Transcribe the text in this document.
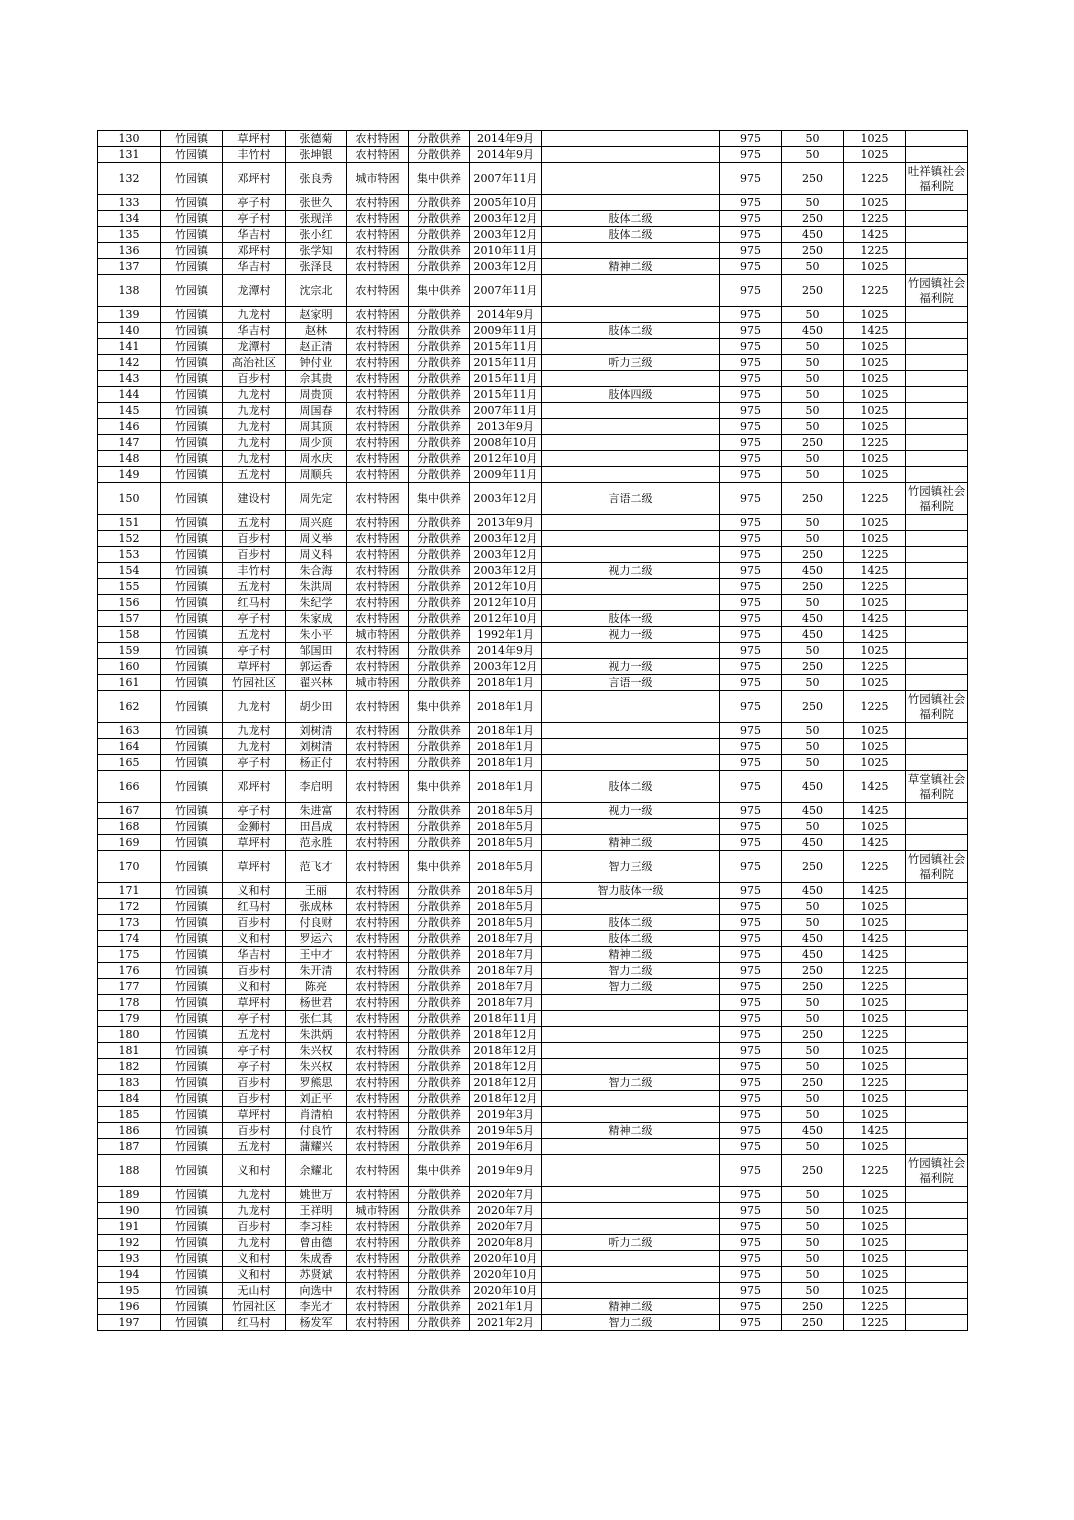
130	竹园镇	草坪村	张德菊	农村特困	分散供养	2014年9月		975	50	1025	
131	竹园镇	丰竹村	张坤银	农村特困	分散供养	2014年9月		975	50	1025	
132	竹园镇	邓坪村	张良秀	城市特困	集中供养	2007年11月		975	250	1225	吐祥镇社会福利院
133	竹园镇	亭子村	张世久	农村特困	分散供养	2005年10月		975	50	1025	
134	竹园镇	亭子村	张现洋	农村特困	分散供养	2003年12月	肢体二级	975	250	1225	
135	竹园镇	华吉村	张小红	农村特困	分散供养	2003年12月	肢体二级	975	450	1425	
136	竹园镇	邓坪村	张学知	农村特困	分散供养	2010年11月		975	250	1225	
137	竹园镇	华吉村	张泽艮	农村特困	分散供养	2003年12月	精神二级	975	50	1025	
138	竹园镇	龙潭村	沈宗北	农村特困	集中供养	2007年11月		975	250	1225	竹园镇社会福利院
139	竹园镇	九龙村	赵家明	农村特困	分散供养	2014年9月		975	50	1025	
140	竹园镇	华吉村	赵林	农村特困	分散供养	2009年11月	肢体二级	975	450	1425	
141	竹园镇	龙潭村	赵正清	农村特困	分散供养	2015年11月		975	50	1025	
142	竹园镇	高治社区	钟付业	农村特困	分散供养	2015年11月	听力三级	975	50	1025	
143	竹园镇	百步村	佘其贵	农村特困	分散供养	2015年11月		975	50	1025	
144	竹园镇	九龙村	周贵顶	农村特困	分散供养	2015年11月	肢体四级	975	50	1025	
145	竹园镇	九龙村	周国春	农村特困	分散供养	2007年11月		975	50	1025	
146	竹园镇	九龙村	周其顶	农村特困	分散供养	2013年9月		975	50	1025	
147	竹园镇	九龙村	周少顶	农村特困	分散供养	2008年10月		975	250	1225	
148	竹园镇	九龙村	周水庆	农村特困	分散供养	2012年10月		975	50	1025	
149	竹园镇	五龙村	周顺兵	农村特困	分散供养	2009年11月		975	50	1025	
150	竹园镇	建设村	周先定	农村特困	集中供养	2003年12月	言语二级	975	250	1225	竹园镇社会福利院
151	竹园镇	五龙村	周兴庭	农村特困	分散供养	2013年9月		975	50	1025	
152	竹园镇	百步村	周义举	农村特困	分散供养	2003年12月		975	50	1025	
153	竹园镇	百步村	周义科	农村特困	分散供养	2003年12月		975	250	1225	
154	竹园镇	丰竹村	朱合海	农村特困	分散供养	2003年12月	视力二级	975	450	1425	
155	竹园镇	五龙村	朱洪周	农村特困	分散供养	2012年10月		975	250	1225	
156	竹园镇	红马村	朱纪学	农村特困	分散供养	2012年10月		975	50	1025	
157	竹园镇	亭子村	朱家成	农村特困	分散供养	2012年10月	肢体一级	975	450	1425	
158	竹园镇	五龙村	朱小平	城市特困	分散供养	1992年1月	视力一级	975	450	1425	
159	竹园镇	亭子村	邹国田	农村特困	分散供养	2014年9月		975	50	1025	
160	竹园镇	草坪村	郭运香	农村特困	分散供养	2003年12月	视力一级	975	250	1225	
161	竹园镇	竹园社区	翟兴林	城市特困	分散供养	2018年1月	言语一级	975	50	1025	
162	竹园镇	九龙村	胡少田	农村特困	集中供养	2018年1月		975	250	1225	竹园镇社会福利院
163	竹园镇	九龙村	刘树清	农村特困	分散供养	2018年1月		975	50	1025	
164	竹园镇	九龙村	刘树清	农村特困	分散供养	2018年1月		975	50	1025	
165	竹园镇	亭子村	杨正付	农村特困	分散供养	2018年1月		975	50	1025	
166	竹园镇	邓坪村	李启明	农村特困	集中供养	2018年1月	肢体二级	975	450	1425	草堂镇社会福利院
167	竹园镇	亭子村	朱进富	农村特困	分散供养	2018年5月	视力一级	975	450	1425	
168	竹园镇	金狮村	田昌成	农村特困	分散供养	2018年5月		975	50	1025	
169	竹园镇	草坪村	范永胜	农村特困	分散供养	2018年5月	精神二级	975	450	1425	
170	竹园镇	草坪村	范飞才	农村特困	集中供养	2018年5月	智力三级	975	250	1225	竹园镇社会福利院
171	竹园镇	义和村	王丽	农村特困	分散供养	2018年5月	智力肢体一级	975	450	1425	
172	竹园镇	红马村	张成林	农村特困	分散供养	2018年5月		975	50	1025	
173	竹园镇	百步村	付良财	农村特困	分散供养	2018年5月	肢体二级	975	50	1025	
174	竹园镇	义和村	罗运六	农村特困	分散供养	2018年7月	肢体二级	975	450	1425	
175	竹园镇	华吉村	王中才	农村特困	分散供养	2018年7月	精神二级	975	450	1425	
176	竹园镇	百步村	朱开清	农村特困	分散供养	2018年7月	智力二级	975	250	1225	
177	竹园镇	义和村	陈亮	农村特困	分散供养	2018年7月	智力二级	975	250	1225	
178	竹园镇	草坪村	杨世君	农村特困	分散供养	2018年7月		975	50	1025	
179	竹园镇	亭子村	张仁其	农村特困	分散供养	2018年11月		975	50	1025	
180	竹园镇	五龙村	朱洪炳	农村特困	分散供养	2018年12月		975	250	1225	
181	竹园镇	亭子村	朱兴权	农村特困	分散供养	2018年12月		975	50	1025	
182	竹园镇	亭子村	朱兴权	农村特困	分散供养	2018年12月		975	50	1025	
183	竹园镇	百步村	罗熊思	农村特困	分散供养	2018年12月	智力二级	975	250	1225	
184	竹园镇	百步村	刘正平	农村特困	分散供养	2018年12月		975	50	1025	
185	竹园镇	草坪村	肖清柏	农村特困	分散供养	2019年3月		975	50	1025	
186	竹园镇	百步村	付良竹	农村特困	分散供养	2019年5月	精神二级	975	450	1425	
187	竹园镇	五龙村	蒲耀兴	农村特困	分散供养	2019年6月		975	50	1025	
188	竹园镇	义和村	余耀北	农村特困	集中供养	2019年9月		975	250	1225	竹园镇社会福利院
189	竹园镇	九龙村	姚世万	农村特困	分散供养	2020年7月		975	50	1025	
190	竹园镇	九龙村	王祥明	城市特困	分散供养	2020年7月		975	50	1025	
191	竹园镇	百步村	李习桂	农村特困	分散供养	2020年7月		975	50	1025	
192	竹园镇	九龙村	曾由德	农村特困	分散供养	2020年8月	听力二级	975	50	1025	
193	竹园镇	义和村	朱成香	农村特困	分散供养	2020年10月		975	50	1025	
194	竹园镇	义和村	苏贤斌	农村特困	分散供养	2020年10月		975	50	1025	
195	竹园镇	无山村	向选中	农村特困	分散供养	2020年10月		975	50	1025	
196	竹园镇	竹园社区	李光才	农村特困	分散供养	2021年1月	精神二级	975	250	1225	
197	竹园镇	红马村	杨发军	农村特困	分散供养	2021年2月	智力二级	975	250	1225	
